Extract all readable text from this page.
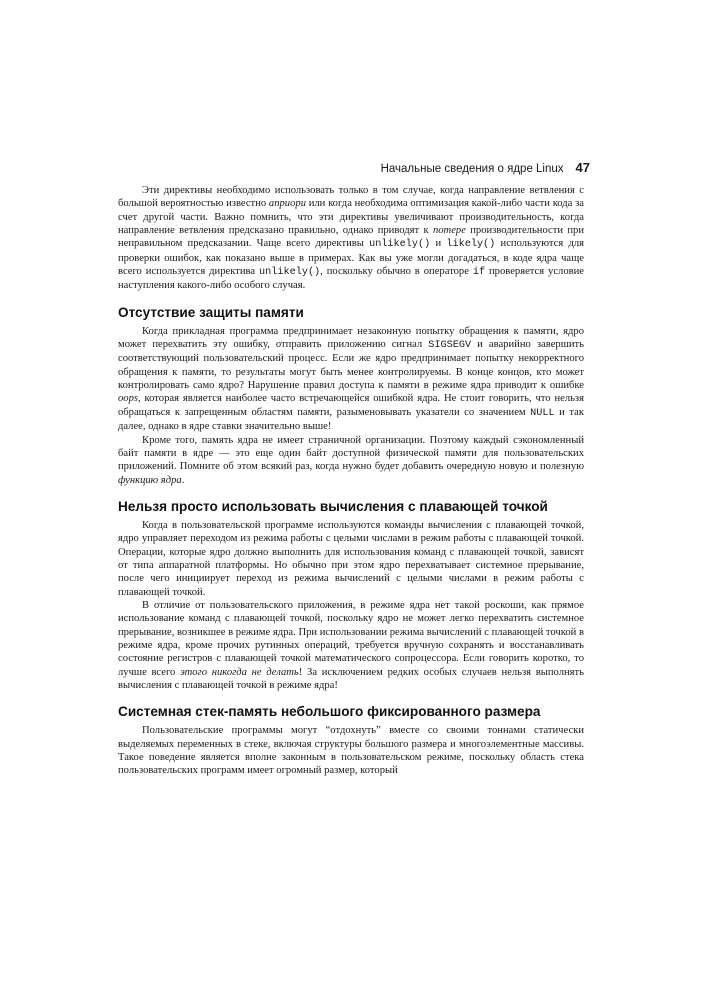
Начальные сведения о ядре Linux 47

Эти директивы необходимо использовать только в том случае, когда направление ветвления с большой вероятностью известно априори или когда необходима оптимизация какой-либо части кода за счет другой части. Важно помнить, что эти директивы увеличивают производительность, когда направление ветвления предсказано правильно, однако приводят к потере производительности при неправильном предсказании. Чаще всего директивы unlikely() и likely() используются для проверки ошибок, как показано выше в примерах. Как вы уже могли догадаться, в коде ядра чаще всего используется директива unlikely(), поскольку обычно в операторе if проверяется условие наступления какого-либо особого случая.

Отсутствие защиты памяти

Когда прикладная программа предпринимает незаконную попытку обращения к памяти, ядро может перехватить эту ошибку, отправить приложению сигнал SIGSEGV и аварийно завершить соответствующий пользовательский процесс. Если же ядро предпринимает попытку некорректного обращения к памяти, то результаты могут быть менее контролируемы. В конце концов, кто может контролировать само ядро? Нарушение правил доступа к памяти в режиме ядра приводит к ошибке oops, которая является наиболее часто встречающейся ошибкой ядра. Не стоит говорить, что нельзя обращаться к запрещенным областям памяти, разыменовывать указатели со значением NULL и так далее, однако в ядре ставки значительно выше!

Кроме того, память ядра не имеет страничной организации. Поэтому каждый сэкономленный байт памяти в ядре — это еще один байт доступной физической памяти для пользовательских приложений. Помните об этом всякий раз, когда нужно будет добавить очередную новую и полезную функцию ядра.

Нельзя просто использовать вычисления с плавающей точкой

Когда в пользовательской программе используются команды вычисления с плавающей точкой, ядро управляет переходом из режима работы с целыми числами в режим работы с плавающей точкой. Операции, которые ядро должно выполнить для использования команд с плавающей точкой, зависят от типа аппаратной платформы. Но обычно при этом ядро перехватывает системное прерывание, после чего инициирует переход из режима вычислений с целыми числами в режим работы с плавающей точкой.

В отличие от пользовательского приложения, в режиме ядра нет такой роскоши, как прямое использование команд с плавающей точкой, поскольку ядро не может легко перехватить системное прерывание, возникшее в режиме ядра. При использовании режима вычислений с плавающей точкой в режиме ядра, кроме прочих рутинных операций, требуется вручную сохранять и восстанавливать состояние регистров с плавающей точкой математического сопроцессора. Если говорить коротко, то лучше всего этого никогда не делать! За исключением редких особых случаев нельзя выполнять вычисления с плавающей точкой в режиме ядра!

Системная стек-память небольшого фиксированного размера

Пользовательские программы могут “отдохнуть” вместе со своими тоннами статически выделяемых переменных в стеке, включая структуры большого размера и многоэлементные массивы. Такое поведение является вполне законным в пользовательском режиме, поскольку область стека пользовательских программ имеет огромный размер, который
